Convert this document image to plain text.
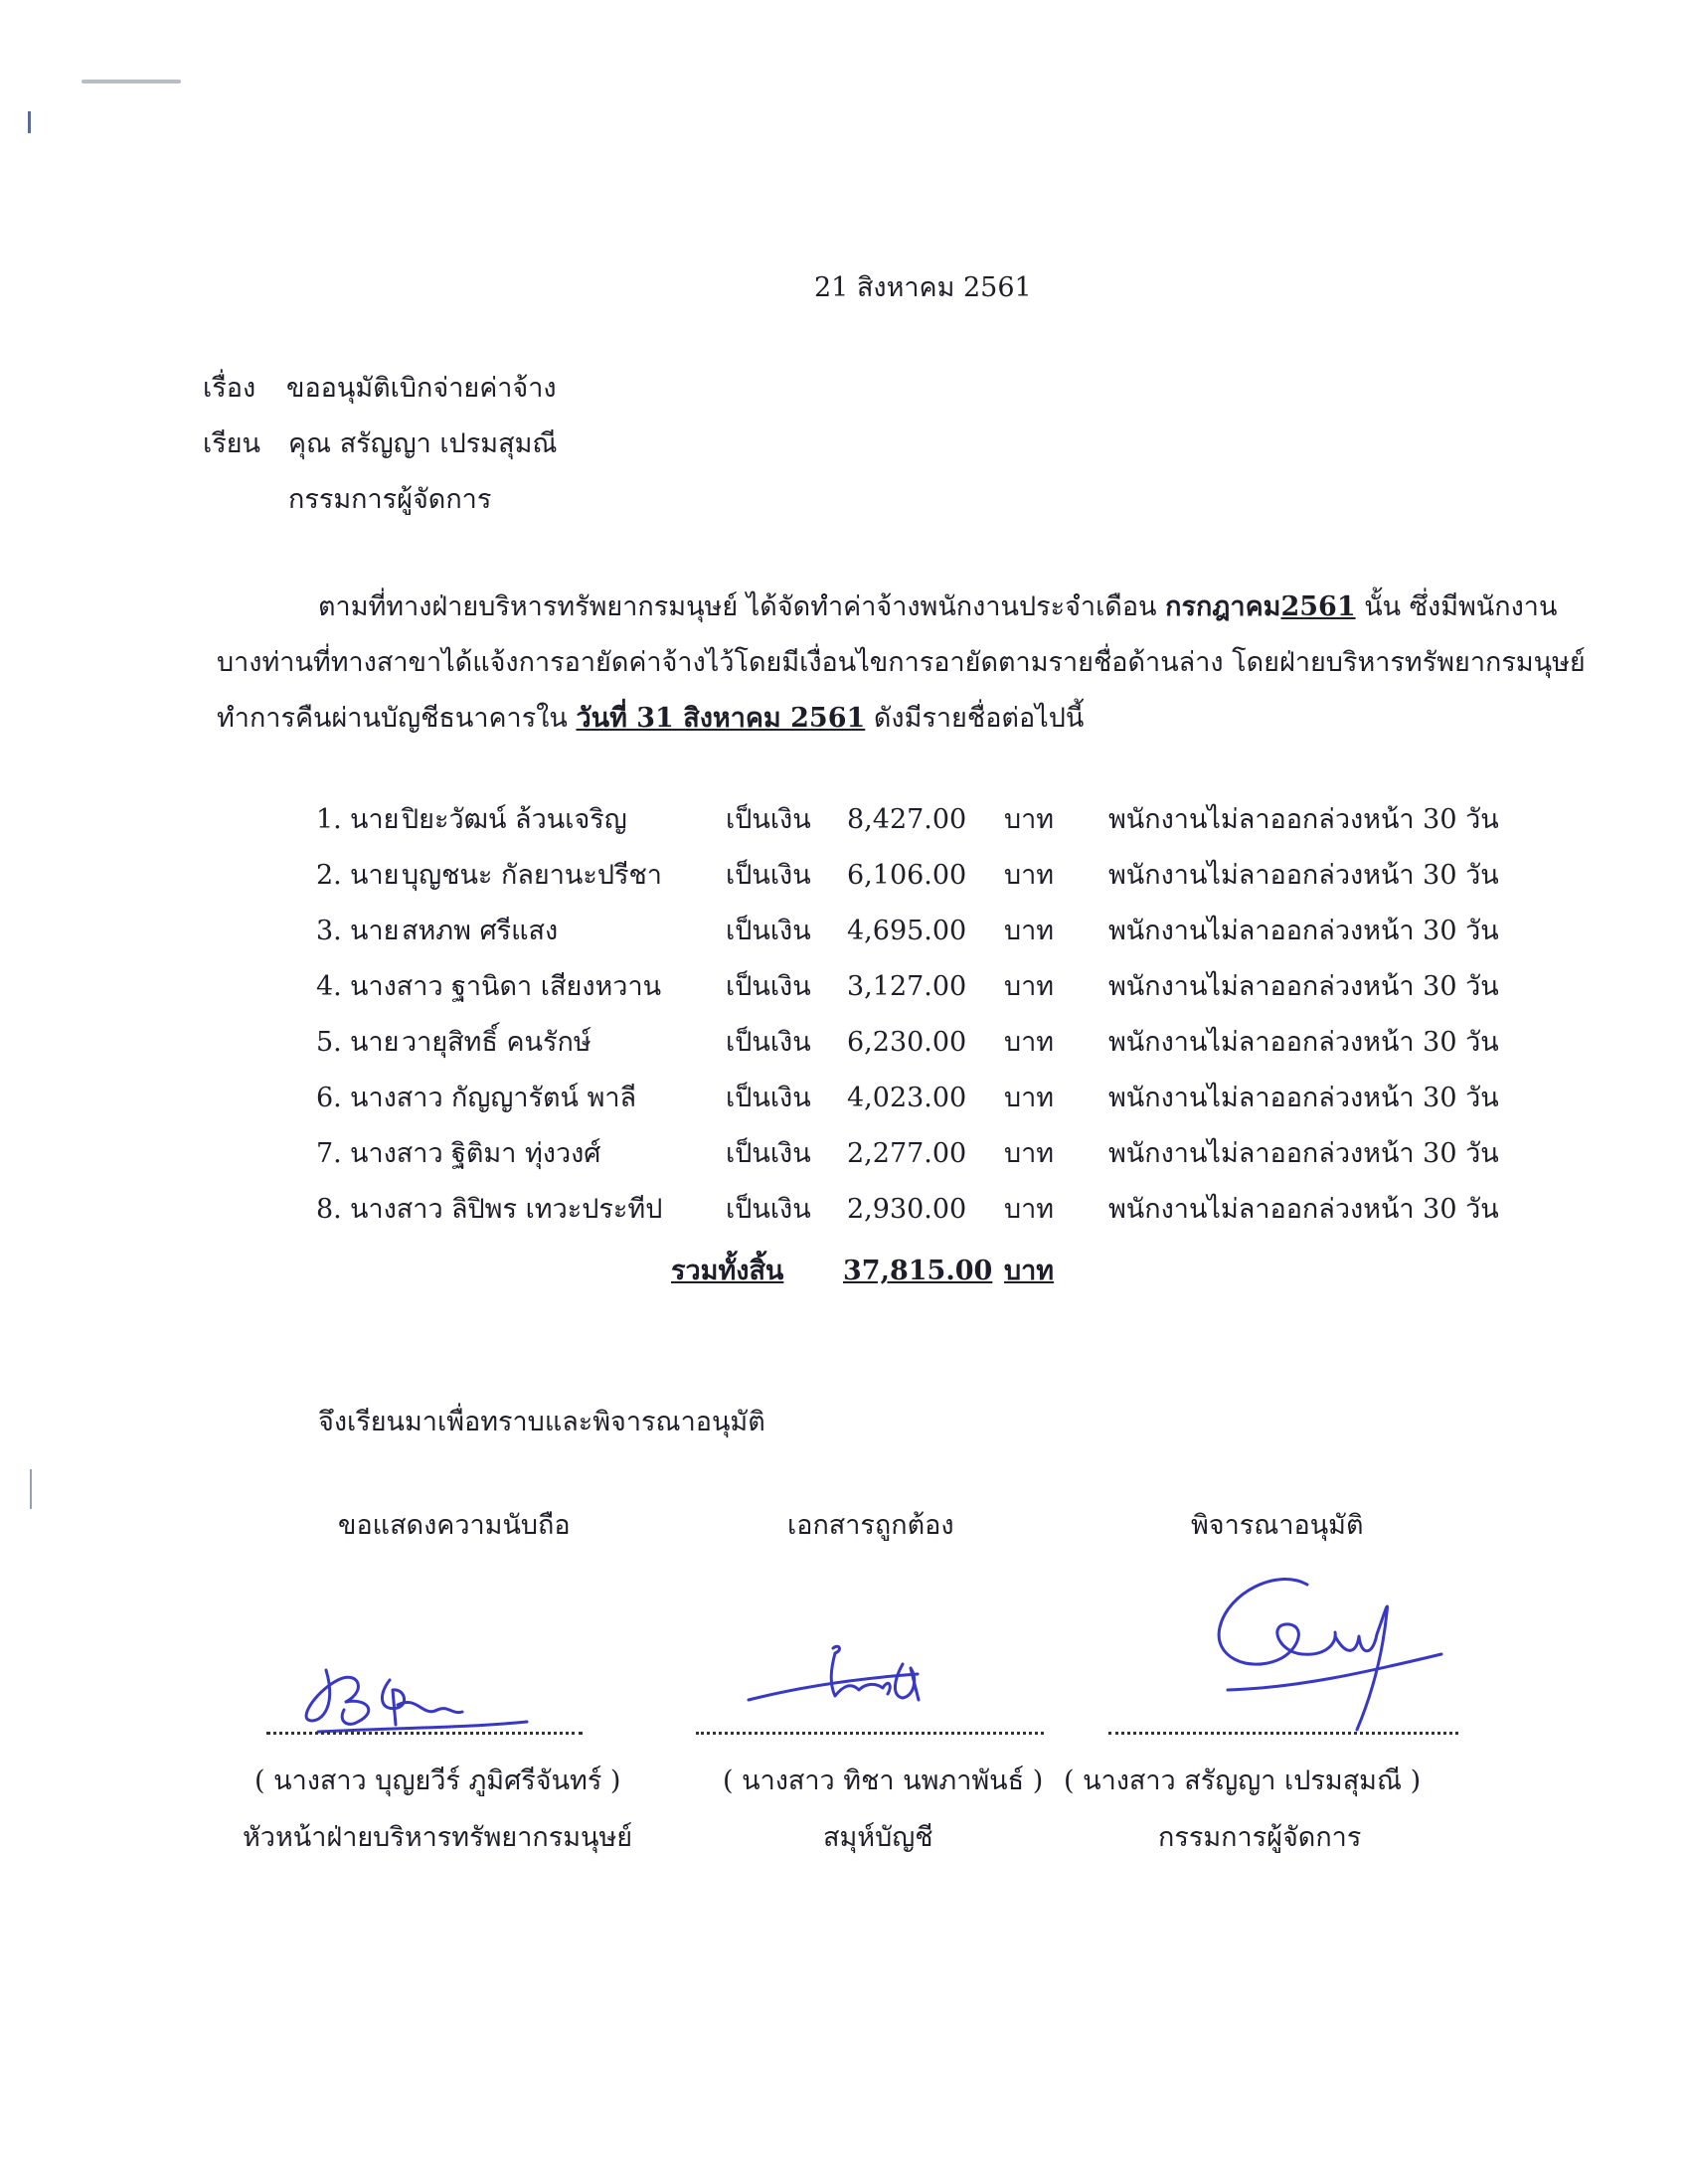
21 สิงหาคม 2561
เรื่อง ขออนุมัติเบิกจ่ายค่าจ้าง
เรียน คุณ สรัญญา เปรมสุมณี
กรรมการผู้จัดการ
ตามที่ทางฝ่ายบริหารทรัพยากรมนุษย์ ได้จัดทำค่าจ้างพนักงานประจำเดือน กรกฎาคม2561 นั้น ซึ่งมีพนักงาน
บางท่านที่ทางสาขาได้แจ้งการอายัดค่าจ้างไว้โดยมีเงื่อนไขการอายัดตามรายชื่อด้านล่าง โดยฝ่ายบริหารทรัพยากรมนุษย์
ทำการคืนผ่านบัญชีธนาคารใน วันที่ 31 สิงหาคม 2561 ดังมีรายชื่อต่อไปนี้
1. นาย ปิยะวัฒน์ ล้วนเจริญ	เป็นเงิน 8,427.00 บาท พนักงานไม่ลาออกล่วงหน้า 30 วัน
2. นาย บุญชนะ กัลยานะปรีชา เป็นเงิน 6,106.00 บาท พนักงานไม่ลาออกล่วงหน้า 30 วัน
3. นาย สหภพ ศรีแสง	เป็นเงิน 4,695.00 บาท พนักงานไม่ลาออกล่วงหน้า 30 วัน
4. นางสาว ฐานิดา เสียงหวาน เป็นเงิน 3,127.00 บาท พนักงานไม่ลาออกล่วงหน้า 30 วัน
5. นาย วายุสิทธิ์ คนรักษ์	เป็นเงิน 6,230.00 บาท พนักงานไม่ลาออกล่วงหน้า 30 วัน
6. นางสาว กัญญารัตน์ พาลี	เป็นเงิน 4,023.00 บาท พนักงานไม่ลาออกล่วงหน้า 30 วัน
7. นางสาว ฐิติมา ทุ่งวงศ์	เป็นเงิน 2,277.00 บาท พนักงานไม่ลาออกล่วงหน้า 30 วัน
8. นางสาว ลิปิพร เทวะประทีป เป็นเงิน 2,930.00 บาท พนักงานไม่ลาออกล่วงหน้า 30 วัน
รวมทั้งสิ้น 37,815.00 บาท
จึงเรียนมาเพื่อทราบและพิจารณาอนุมัติ
ขอแสดงความนับถือ	เอกสารถูกต้อง	พิจารณาอนุมัติ
( นางสาว บุญยวีร์ ภูมิศรีจันทร์ )	( นางสาว ทิชา นพภาพันธ์ ) ( นางสาว สรัญญา เปรมสุมณี )
หัวหน้าฝ่ายบริหารทรัพยากรมนุษย์	สมุห์บัญชี	กรรมการผู้จัดการ
